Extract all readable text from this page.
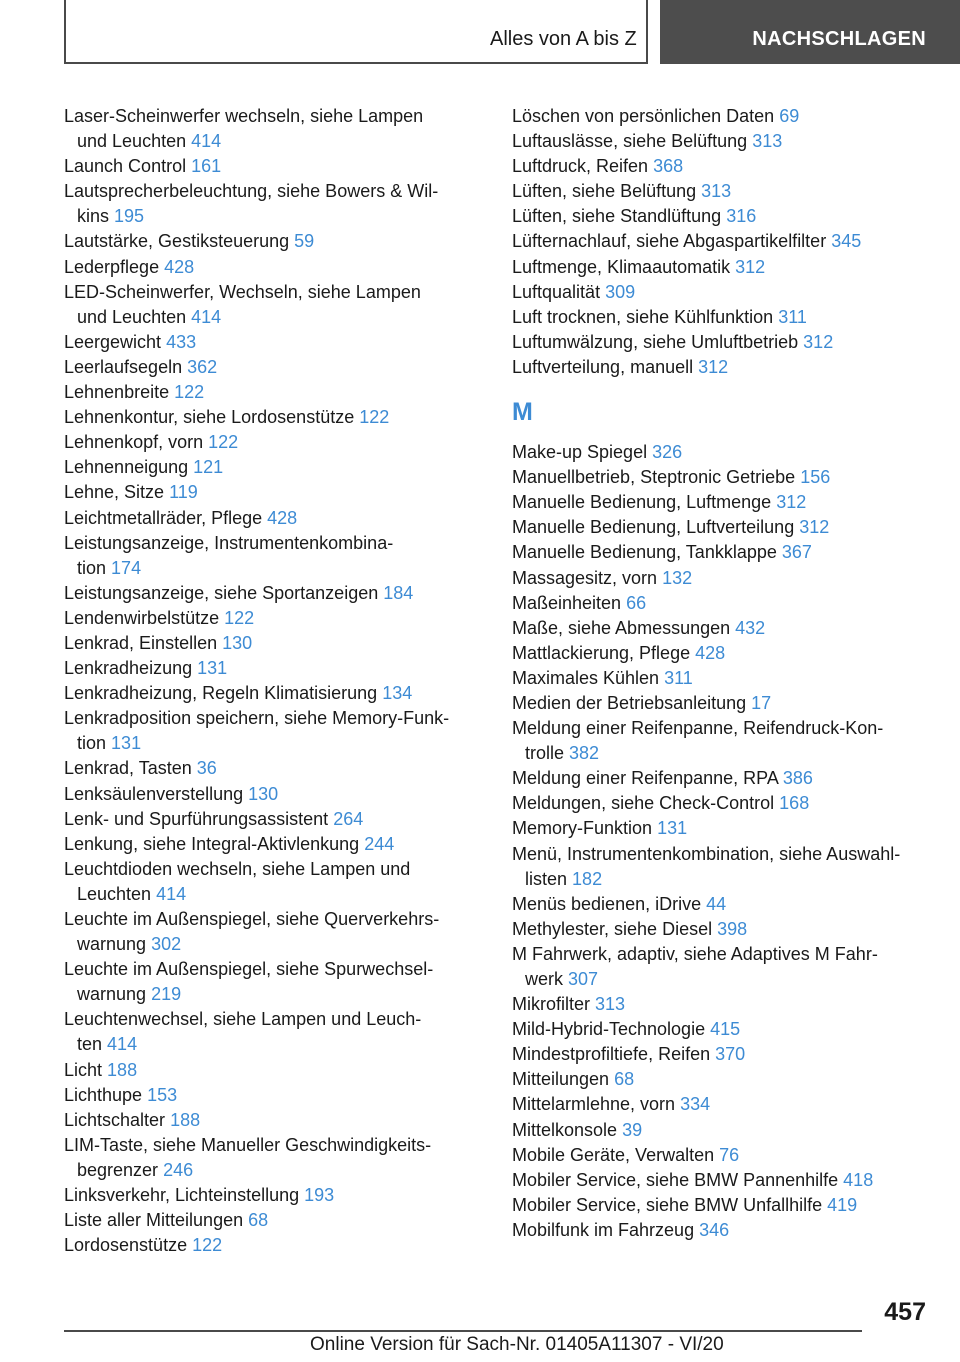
Alles von A bis Z	NACHSCHLAGEN
Laser-Scheinwerfer wechseln, siehe Lampen
und Leuchten 414
Launch Control 161
Lautsprecherbeleuchtung, siehe Bowers & Wil-
kins 195
Lautstärke, Gestiksteuerung 59
Lederpflege 428
LED-Scheinwerfer, Wechseln, siehe Lampen
und Leuchten 414
Leergewicht 433
Leerlaufsegeln 362
Lehnenbreite 122
Lehnenkontur, siehe Lordosenstütze 122
Lehnenkopf, vorn 122
Lehnenneigung 121
Lehne, Sitze 119
Leichtmetallräder, Pflege 428
Leistungsanzeige, Instrumentenkombina-
tion 174
Leistungsanzeige, siehe Sportanzeigen 184
Lendenwirbelstütze 122
Lenkrad, Einstellen 130
Lenkradheizung 131
Lenkradheizung, Regeln Klimatisierung 134
Lenkradposition speichern, siehe Memory-Funk-
tion 131
Lenkrad, Tasten 36
Lenksäulenverstellung 130
Lenk- und Spurführungsassistent 264
Lenkung, siehe Integral-Aktivlenkung 244
Leuchtdioden wechseln, siehe Lampen und
Leuchten 414
Leuchte im Außenspiegel, siehe Querverkehrs-
warnung 302
Leuchte im Außenspiegel, siehe Spurwechsel-
warnung 219
Leuchtenwechsel, siehe Lampen und Leuch-
ten 414
Licht 188
Lichthupe 153
Lichtschalter 188
LIM-Taste, siehe Manueller Geschwindigkeits-
begrenzer 246
Linksverkehr, Lichteinstellung 193
Liste aller Mitteilungen 68
Lordosenstütze 122
Löschen von persönlichen Daten 69
Luftauslässe, siehe Belüftung 313
Luftdruck, Reifen 368
Lüften, siehe Belüftung 313
Lüften, siehe Standlüftung 316
Lüfternachlauf, siehe Abgaspartikelfilter 345
Luftmenge, Klimaautomatik 312
Luftqualität 309
Luft trocknen, siehe Kühlfunktion 311
Luftumwälzung, siehe Umluftbetrieb 312
Luftverteilung, manuell 312
M
Make-up Spiegel 326
Manuellbetrieb, Steptronic Getriebe 156
Manuelle Bedienung, Luftmenge 312
Manuelle Bedienung, Luftverteilung 312
Manuelle Bedienung, Tankklappe 367
Massagesitz, vorn 132
Maßeinheiten 66
Maße, siehe Abmessungen 432
Mattlackierung, Pflege 428
Maximales Kühlen 311
Medien der Betriebsanleitung 17
Meldung einer Reifenpanne, Reifendruck-Kon-
trolle 382
Meldung einer Reifenpanne, RPA 386
Meldungen, siehe Check-Control 168
Memory-Funktion 131
Menü, Instrumentenkombination, siehe Auswahl-
listen 182
Menüs bedienen, iDrive 44
Methylester, siehe Diesel 398
M Fahrwerk, adaptiv, siehe Adaptives M Fahr-
werk 307
Mikrofilter 313
Mild-Hybrid-Technologie 415
Mindestprofiltiefe, Reifen 370
Mitteilungen 68
Mittelarmlehne, vorn 334
Mittelkonsole 39
Mobile Geräte, Verwalten 76
Mobiler Service, siehe BMW Pannenhilfe 418
Mobiler Service, siehe BMW Unfallhilfe 419
Mobilfunk im Fahrzeug 346
457
Online Version für Sach-Nr. 01405A11307 - VI/20
